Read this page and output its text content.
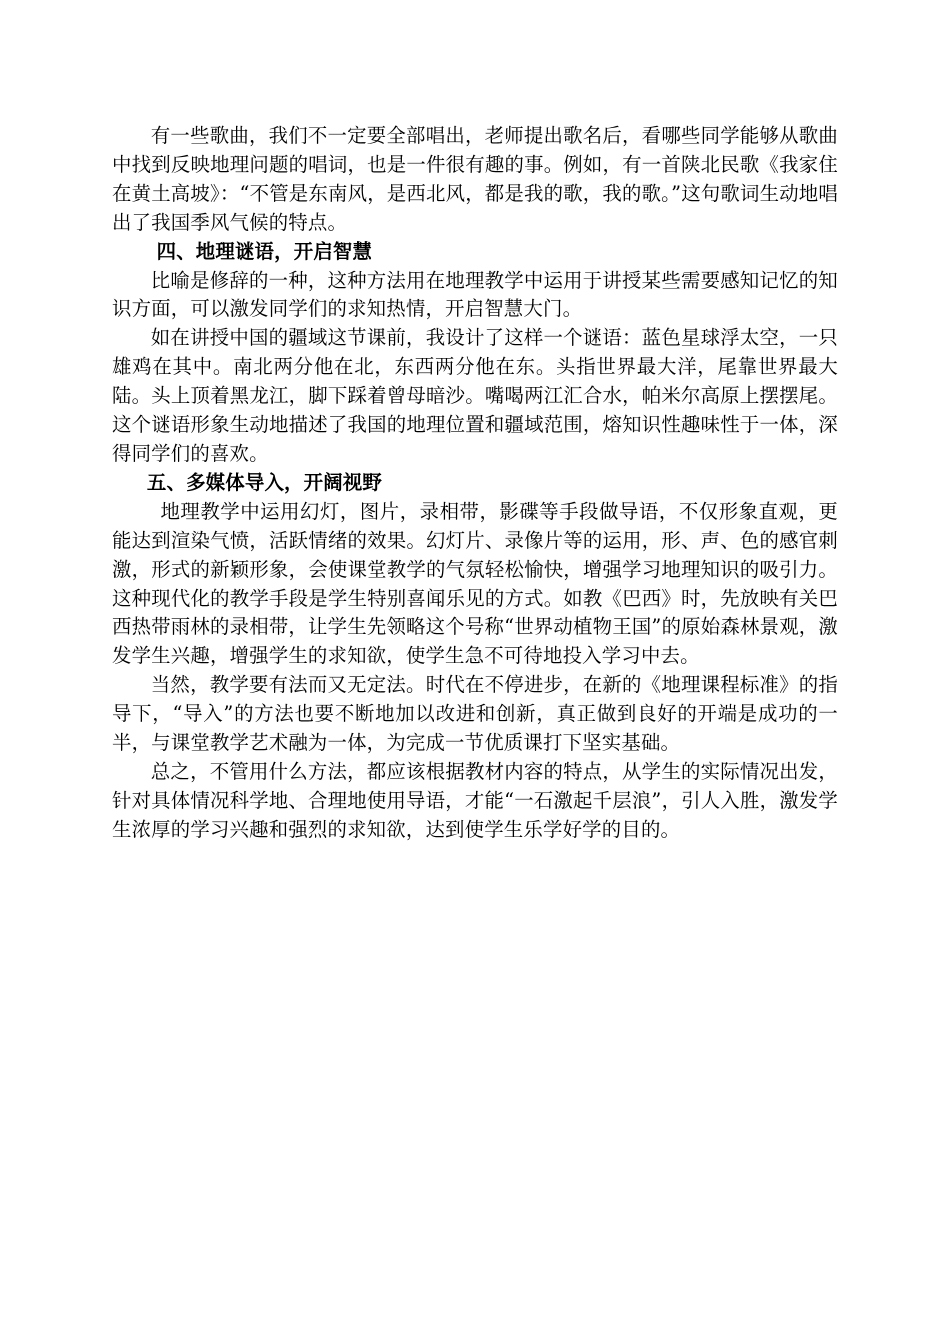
有一些歌曲，我们不一定要全部唱出，老师提出歌名后，看哪些同学能够从歌曲中找到反映地理问题的唱词，也是一件很有趣的事。例如，有一首陕北民歌《我家住在黄土高坡》：“不管是东南风，是西北风，都是我的歌，我的歌。”这句歌词生动地唱出了我国季风气候的特点。

四、地理谜语，开启智慧

比喻是修辞的一种，这种方法用在地理教学中运用于讲授某些需要感知记忆的知识方面，可以激发同学们的求知热情，开启智慧大门。

如在讲授中国的疆域这节课前，我设计了这样一个谜语：蓝色星球浮太空，一只雄鸡在其中。南北两分他在北，东西两分他在东。头指世界最大洋，尾靠世界最大陆。头上顶着黑龙江，脚下踩着曾母暗沙。嘴喝两江汇合水，帕米尔高原上摆摆尾。这个谜语形象生动地描述了我国的地理位置和疆域范围，熔知识性趣味性于一体，深得同学们的喜欢。

五、多媒体导入，开阔视野

地理教学中运用幻灯，图片，录相带，影碟等手段做导语，不仅形象直观，更能达到渲染气愤，活跃情绪的效果。幻灯片、录像片等的运用，形、声、色的感官刺激，形式的新颖形象，会使课堂教学的气氛轻松愉快，增强学习地理知识的吸引力。这种现代化的教学手段是学生特别喜闻乐见的方式。如教《巴西》时，先放映有关巴西热带雨林的录相带，让学生先领略这个号称“世界动植物王国”的原始森林景观，激发学生兴趣，增强学生的求知欲，使学生急不可待地投入学习中去。

当然，教学要有法而又无定法。时代在不停进步，在新的《地理课程标准》的指导下，“导入”的方法也要不断地加以改进和创新，真正做到良好的开端是成功的一半，与课堂教学艺术融为一体，为完成一节优质课打下坚实基础。

总之，不管用什么方法，都应该根据教材内容的特点，从学生的实际情况出发，针对具体情况科学地、合理地使用导语，才能“一石激起千层浪”，引人入胜，激发学生浓厚的学习兴趣和强烈的求知欲，达到使学生乐学好学的目的。
